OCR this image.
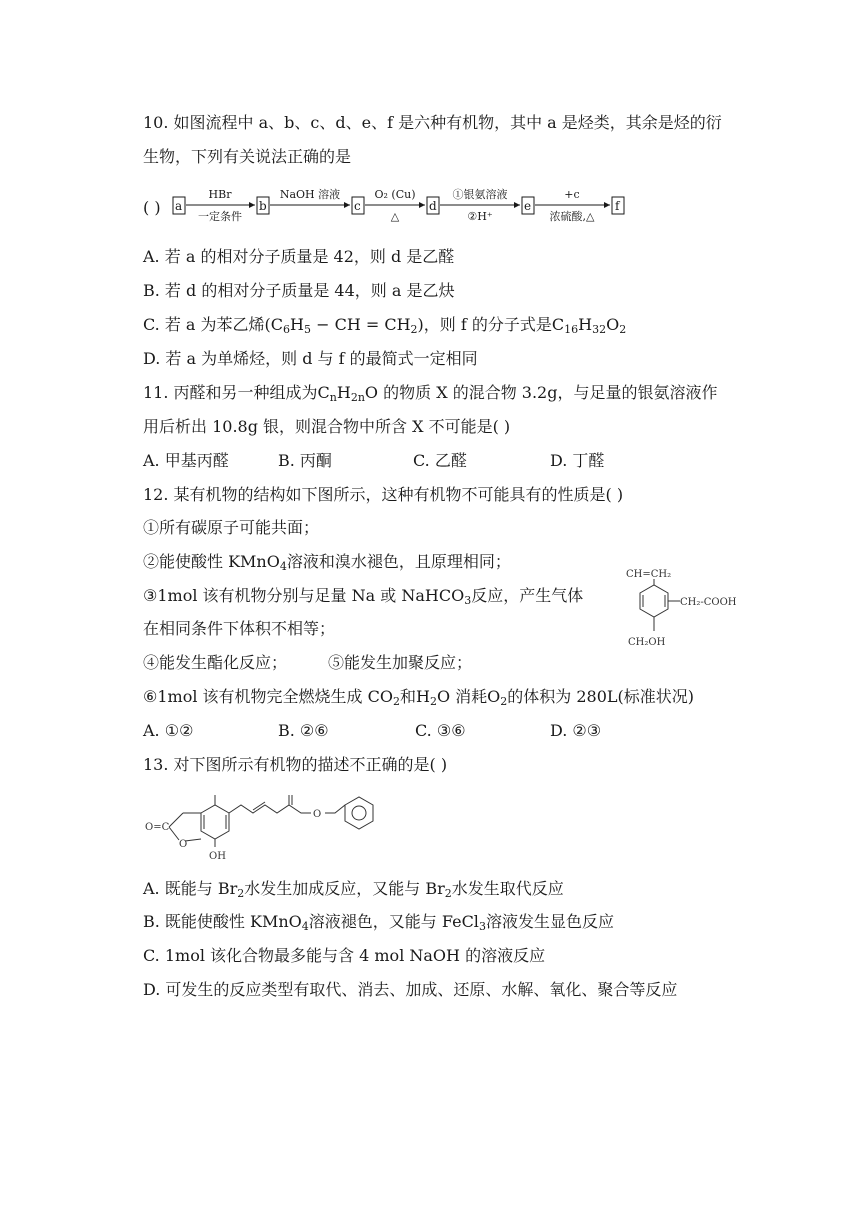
10. 如图流程中 a、b、c、d、e、f 是六种有机物，其中 a 是烃类，其余是烃的衍
生物，下列有关说法正确的是
( ) a	b	c	d	e	f
HBr
一定条件
NaOH 溶液	O₂ (Cu)
△
①银氨溶液
②H⁺
+c
浓硫酸,△
A. 若 a 的相对分子质量是 42，则 d 是乙醛
B. 若 d 的相对分子质量是 44，则 a 是乙炔
C. 若 a 为苯乙烯($C_6H_5$ − CH = $CH_2$)，则 f 的分子式是$C_{16}H_{32}O_2$
D. 若 a 为单烯烃，则 d 与 f 的最简式一定相同
11. 丙醛和另一种组成为$C_nH_{2n}O$ 的物质 X 的混合物 3.2g，与足量的银氨溶液作
用后析出 10.8g 银，则混合物中所含 X 不可能是( )
A. 甲基丙醛	B. 丙酮	C. 乙醛	D. 丁醛
12. 某有机物的结构如下图所示，这种有机物不可能具有的性质是( )
①所有碳原子可能共面；
②能使酸性 KMnO$_4$溶液和溴水褪色，且原理相同；
③1mol 该有机物分别与足量 Na 或 NaHCO$_3$反应，产生气体
在相同条件下体积不相等；
④能发生酯化反应；	⑤能发生加聚反应；
⑥1mol 该有机物完全燃烧生成 $CO_2$和$H_2O$ 消耗$O_2$的体积为 280L(标准状况)
A. ①②	B. ②⑥	C. ③⑥	D. ②③
CH=CH₂
CH₂-COOH
CH₂OH
13. 对下图所示有机物的描述不正确的是( )
O=C
O
OH
O
A. 既能与 $Br_2$水发生加成反应，又能与 $Br_2$水发生取代反应
B. 既能使酸性 KMnO$_4$溶液褪色，又能与 FeCl$_3$溶液发生显色反应
C. 1mol 该化合物最多能与含 4 mol NaOH 的溶液反应
D. 可发生的反应类型有取代、消去、加成、还原、水解、氧化、聚合等反应
